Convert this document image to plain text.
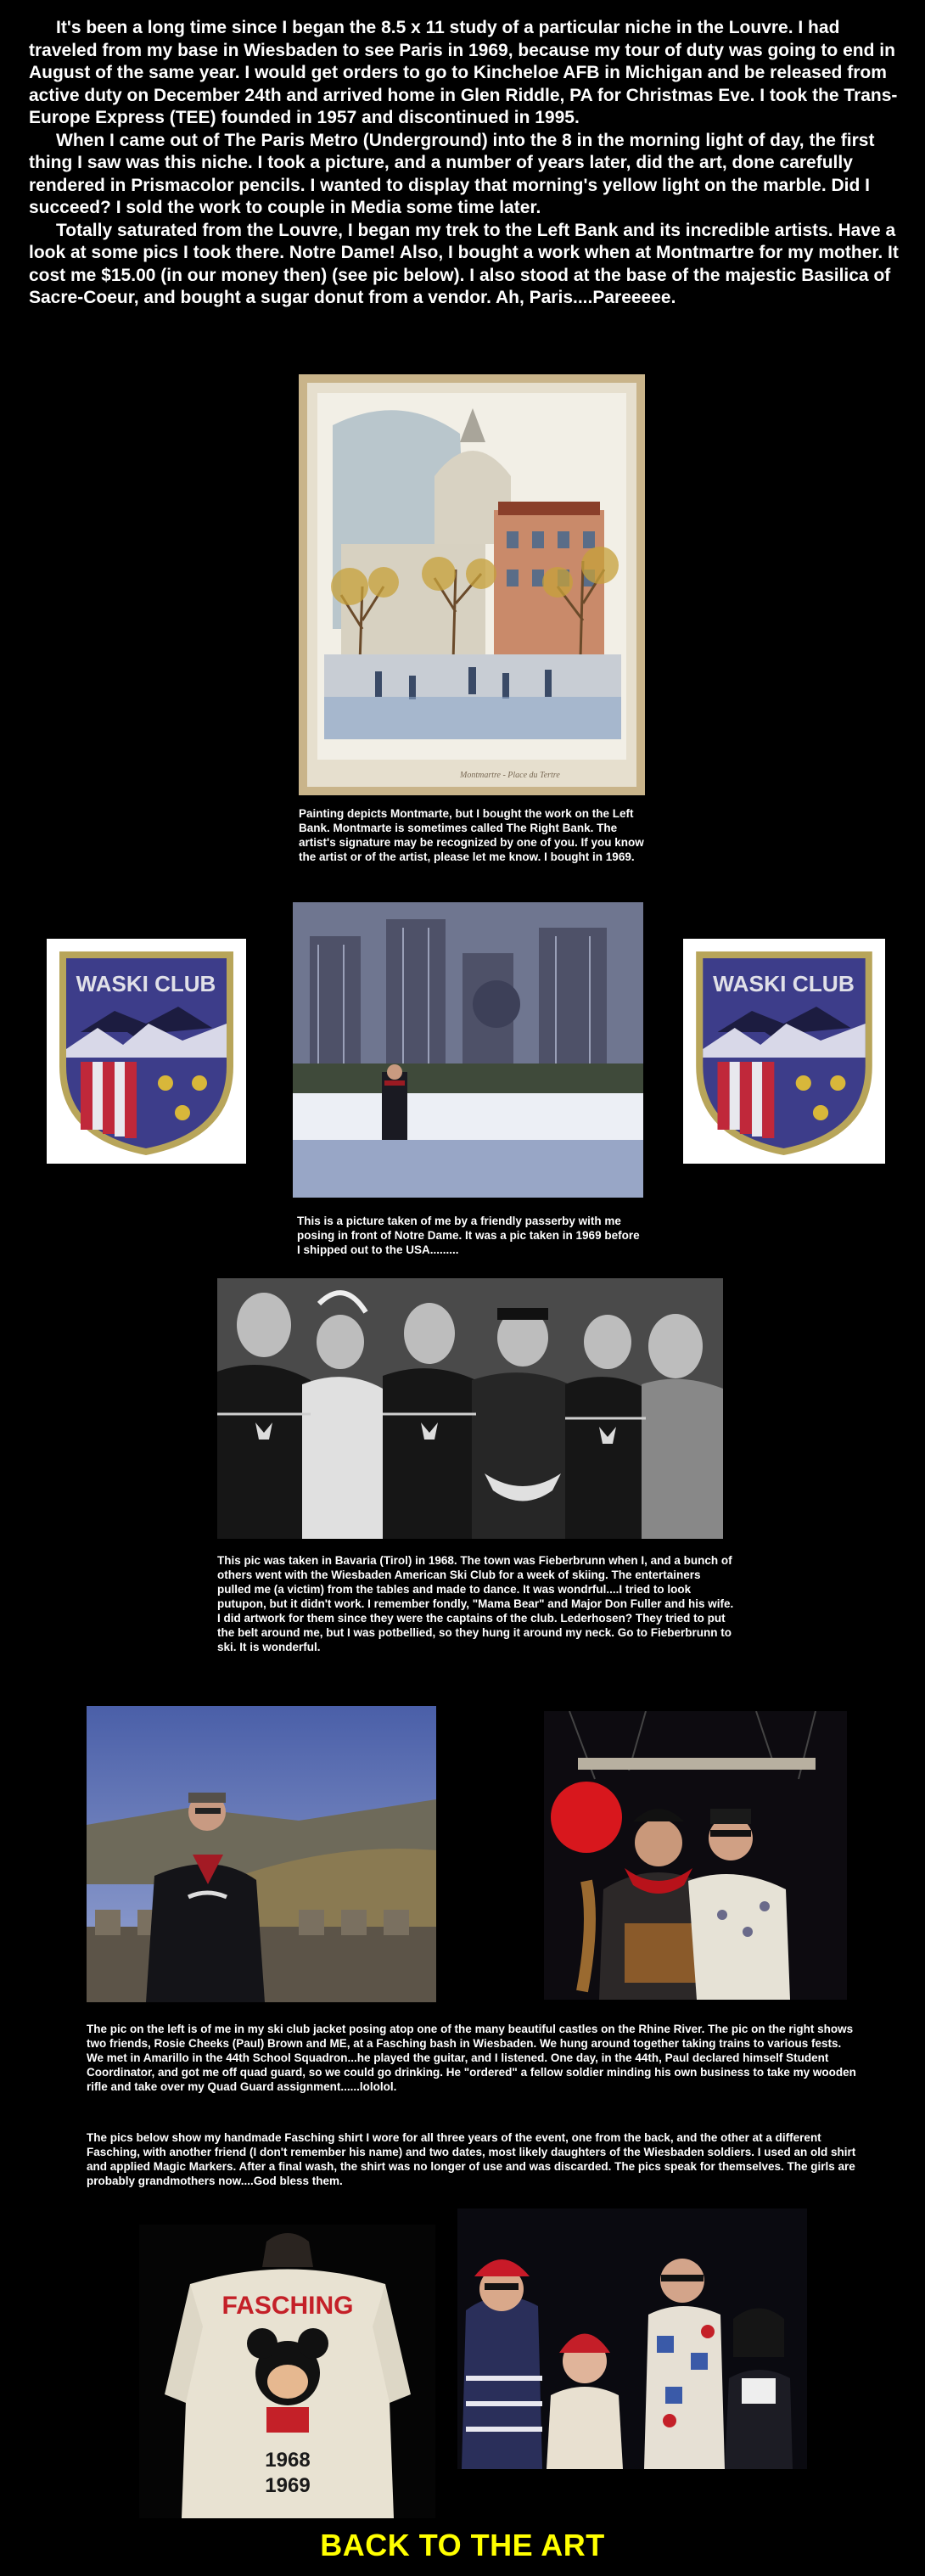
It's been a long time since I began the 8.5 x 11 study of a particular niche in the Louvre. I had traveled from my base in Wiesbaden to see Paris in 1969, because my tour of duty was going to end in August of the same year. I would get orders to go to Kincheloe AFB in Michigan and be released from active duty on December 24th and arrived home in Glen Riddle, PA for Christmas Eve. I took the Trans-Europe Express (TEE) founded in 1957 and discontinued in 1995.

When I came out of The Paris Metro (Underground) into the 8 in the morning light of day, the first thing I saw was this niche. I took a picture, and a number of years later, did the art, done carefully rendered in Prismacolor pencils. I wanted to display that morning's yellow light on the marble. Did I succeed? I sold the work to couple in Media some time later.

Totally saturated from the Louvre, I began my trek to the Left Bank and its incredible artists. Have a look at some pics I took there. Notre Dame! Also, I bought a work when at Montmartre for my mother. It cost me $15.00 (in our money then) (see pic below). I also stood at the base of the majestic Basilica of Sacre-Coeur, and bought a sugar donut from a vendor. Ah, Paris....Pareeeee.

Montmartre - Place du Tertre
Painting depicts Montmarte, but I bought the work on the Left Bank. Montmarte is sometimes called The Right Bank. The artist's signature may be recognized by one of you. If you know the artist or of the artist, please let me know. I bought in 1969.
WASKI CLUB
This is a picture taken of me by a friendly passerby with me posing in front of Notre Dame. It was a pic taken in 1969 before I shipped out to the USA.........
WASKI CLUB
This pic was taken in Bavaria (Tirol) in 1968. The town was Fieberbrunn when I, and a bunch of others went with the Wiesbaden American Ski Club for a week of skiing. The entertainers pulled me (a victim) from the tables and made to dance. It was wondrful....I tried to look putupon, but it didn't work. I remember fondly, "Mama Bear" and Major Don Fuller and his wife. I did artwork for them since they were the captains of the club. Lederhosen? They tried to put the belt around me, but I was potbellied, so they hung it around my neck. Go to Fieberbrunn to ski. It is wonderful.
The pic on the left is of me in my ski club jacket posing atop one of the many beautiful castles on the Rhine River. The pic on the right shows two friends, Rosie Cheeks (Paul) Brown and ME, at a Fasching bash in Wiesbaden. We hung around together taking trains to various fests. We met in Amarillo in the 44th School Squadron...he played the guitar, and I listened. One day, in the 44th, Paul declared himself Student Coordinator, and got me off quad guard, so we could go drinking. He "ordered" a fellow soldier minding his own business to take my wooden rifle and take over my Quad Guard assignment......lololol.
The pics below show my handmade Fasching shirt I wore for all three years of the event, one from the back, and the other at a different Fasching, with another friend (I don't remember his name) and two dates, most likely daughters of the Wiesbaden soldiers. I used an old shirt and applied Magic Markers. After a final wash, the shirt was no longer of use and was discarded. The pics speak for themselves. The girls are probably grandmothers now....God bless them.
FASCHING
1968
1969
BACK TO THE ART
